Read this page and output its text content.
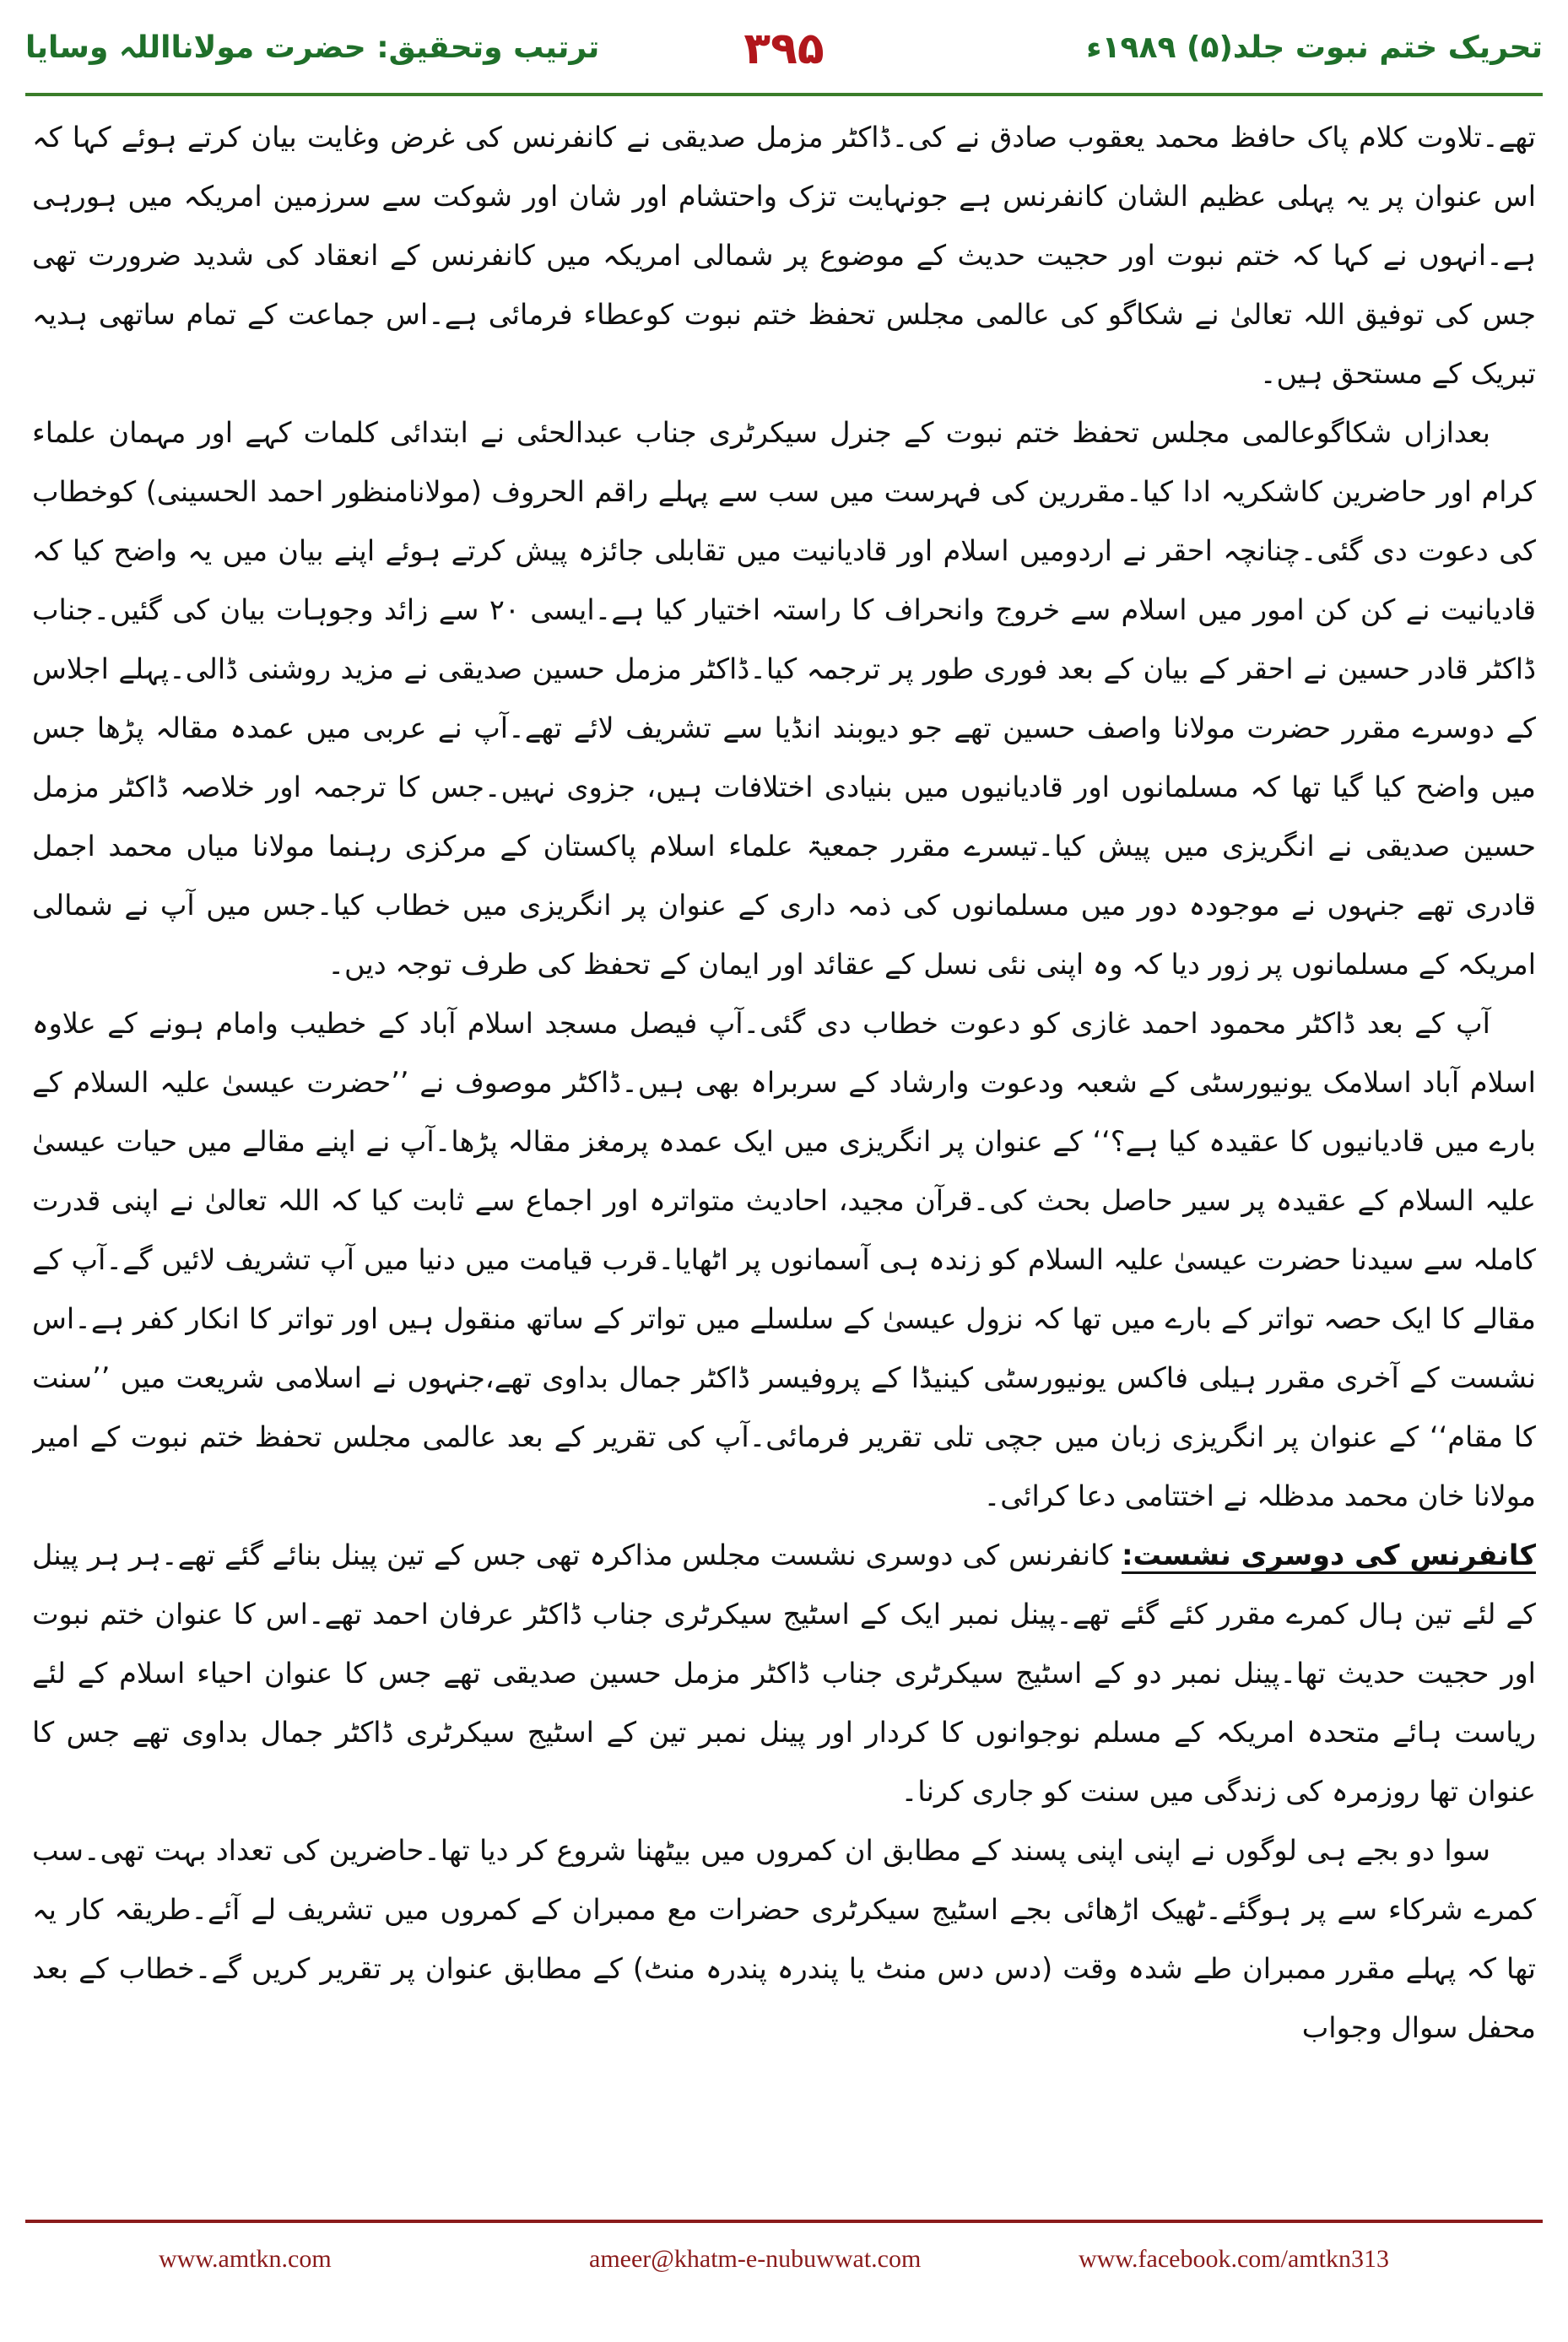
تحریک ختم نبوت جلد(۵) ۱۹۸۹ء
۳۹۵
ترتیب وتحقیق: حضرت مولانااللہ وسایا

تھے۔تلاوت کلام پاک حافظ محمد یعقوب صادق نے کی۔ڈاکٹر مزمل صدیقی نے کانفرنس کی غرض وغایت بیان کرتے ہوئے کہا کہ اس عنوان پر یہ پہلی عظیم الشان کانفرنس ہے جونہایت تزک واحتشام اور شان اور شوکت سے سرزمین امریکہ میں ہورہی ہے۔انہوں نے کہا کہ ختم نبوت اور حجیت حدیث کے موضوع پر شمالی امریکہ میں کانفرنس کے انعقاد کی شدید ضرورت تھی جس کی توفیق اللہ تعالیٰ نے شکاگو کی عالمی مجلس تحفظ ختم نبوت کوعطاء فرمائی ہے۔اس جماعت کے تمام ساتھی ہدیہ تبریک کے مستحق ہیں۔

بعدازاں شکاگوعالمی مجلس تحفظ ختم نبوت کے جنرل سیکرٹری جناب عبدالحئی نے ابتدائی کلمات کہے اور مہمان علماء کرام اور حاضرین کاشکریہ ادا کیا۔مقررین کی فہرست میں سب سے پہلے راقم الحروف (مولانامنظور احمد الحسینی) کوخطاب کی دعوت دی گئی۔چنانچہ احقر نے اردومیں اسلام اور قادیانیت میں تقابلی جائزہ پیش کرتے ہوئے اپنے بیان میں یہ واضح کیا کہ قادیانیت نے کن کن امور میں اسلام سے خروج وانحراف کا راستہ اختیار کیا ہے۔ایسی ۲۰ سے زائد وجوہات بیان کی گئیں۔جناب ڈاکٹر قادر حسین نے احقر کے بیان کے بعد فوری طور پر ترجمہ کیا۔ڈاکٹر مزمل حسین صدیقی نے مزید روشنی ڈالی۔پہلے اجلاس کے دوسرے مقرر حضرت مولانا واصف حسین تھے جو دیوبند انڈیا سے تشریف لائے تھے۔آپ نے عربی میں عمدہ مقالہ پڑھا جس میں واضح کیا گیا تھا کہ مسلمانوں اور قادیانیوں میں بنیادی اختلافات ہیں، جزوی نہیں۔جس کا ترجمہ اور خلاصہ ڈاکٹر مزمل حسین صدیقی نے انگریزی میں پیش کیا۔تیسرے مقرر جمعیۃ علماء اسلام پاکستان کے مرکزی رہنما مولانا میاں محمد اجمل قادری تھے جنہوں نے موجودہ دور میں مسلمانوں کی ذمہ داری کے عنوان پر انگریزی میں خطاب کیا۔جس میں آپ نے شمالی امریکہ کے مسلمانوں پر زور دیا کہ وہ اپنی نئی نسل کے عقائد اور ایمان کے تحفظ کی طرف توجہ دیں۔

آپ کے بعد ڈاکٹر محمود احمد غازی کو دعوت خطاب دی گئی۔آپ فیصل مسجد اسلام آباد کے خطیب وامام ہونے کے علاوہ اسلام آباد اسلامک یونیورسٹی کے شعبہ ودعوت وارشاد کے سربراہ بھی ہیں۔ڈاکٹر موصوف نے ’’حضرت عیسیٰ علیہ السلام کے بارے میں قادیانیوں کا عقیدہ کیا ہے؟‘‘ کے عنوان پر انگریزی میں ایک عمدہ پرمغز مقالہ پڑھا۔آپ نے اپنے مقالے میں حیات عیسیٰ علیہ السلام کے عقیدہ پر سیر حاصل بحث کی۔قرآن مجید، احادیث متواترہ اور اجماع سے ثابت کیا کہ اللہ تعالیٰ نے اپنی قدرت کاملہ سے سیدنا حضرت عیسیٰ علیہ السلام کو زندہ ہی آسمانوں پر اٹھایا۔قرب قیامت میں دنیا میں آپ تشریف لائیں گے۔آپ کے مقالے کا ایک حصہ تواتر کے بارے میں تھا کہ نزول عیسیٰ کے سلسلے میں تواتر کے ساتھ منقول ہیں اور تواتر کا انکار کفر ہے۔اس نشست کے آخری مقرر ہیلی فاکس یونیورسٹی کینیڈا کے پروفیسر ڈاکٹر جمال بداوی تھے،جنہوں نے اسلامی شریعت میں ’’سنت کا مقام‘‘ کے عنوان پر انگریزی زبان میں جچی تلی تقریر فرمائی۔آپ کی تقریر کے بعد عالمی مجلس تحفظ ختم نبوت کے امیر مولانا خان محمد مدظلہ نے اختتامی دعا کرائی۔

کانفرنس کی دوسری نشست: کانفرنس کی دوسری نشست مجلس مذاکرہ تھی جس کے تین پینل بنائے گئے تھے۔ہر ہر پینل کے لئے تین ہال کمرے مقرر کئے گئے تھے۔پینل نمبر ایک کے اسٹیج سیکرٹری جناب ڈاکٹر عرفان احمد تھے۔اس کا عنوان ختم نبوت اور حجیت حدیث تھا۔پینل نمبر دو کے اسٹیج سیکرٹری جناب ڈاکٹر مزمل حسین صدیقی تھے جس کا عنوان احیاء اسلام کے لئے ریاست ہائے متحدہ امریکہ کے مسلم نوجوانوں کا کردار اور پینل نمبر تین کے اسٹیج سیکرٹری ڈاکٹر جمال بداوی تھے جس کا عنوان تھا روزمرہ کی زندگی میں سنت کو جاری کرنا۔

سوا دو بجے ہی لوگوں نے اپنی اپنی پسند کے مطابق ان کمروں میں بیٹھنا شروع کر دیا تھا۔حاضرین کی تعداد بہت تھی۔سب کمرے شرکاء سے پر ہوگئے۔ٹھیک اڑھائی بجے اسٹیج سیکرٹری حضرات مع ممبران کے کمروں میں تشریف لے آئے۔طریقہ کار یہ تھا کہ پہلے مقرر ممبران طے شدہ وقت (دس دس منٹ یا پندرہ پندرہ منٹ) کے مطابق عنوان پر تقریر کریں گے۔خطاب کے بعد محفل سوال وجواب

www.amtkn.com	ameer@khatm-e-nubuwwat.com	www.facebook.com/amtkn313
